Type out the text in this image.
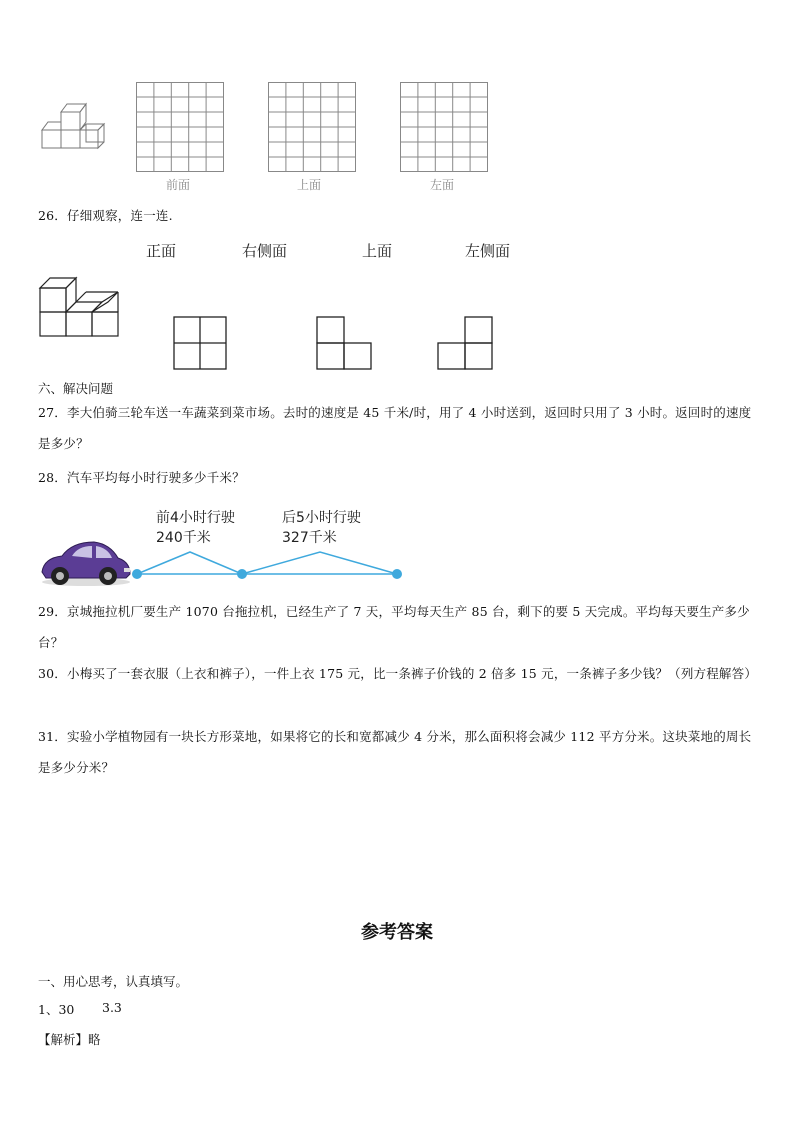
前面	上面	左面
26．仔细观察，连一连.
正面	右侧面	上面	左侧面
六、解决问题
27．李大伯骑三轮车送一车蔬菜到菜市场。去时的速度是 45 千米/时，用了 4 小时送到，返回时只用了 3 小时。返回时的速度是多少？
28．汽车平均每小时行驶多少千米？
前4小时行驶
240千米
后5小时行驶
327千米
29．京城拖拉机厂要生产 1070 台拖拉机，已经生产了 7 天，平均每天生产 85 台，剩下的要 5 天完成。平均每天要生产多少台？
30．小梅买了一套衣服（上衣和裤子），一件上衣 175 元，比一条裤子价钱的 2 倍多 15 元，一条裤子多少钱？（列方程解答）
31．实验小学植物园有一块长方形菜地，如果将它的长和宽都减少 4 分米，那么面积将会减少 112 平方分米。这块菜地的周长是多少分米？
参考答案
一、用心思考，认真填写。
1、30 3.3
【解析】略
